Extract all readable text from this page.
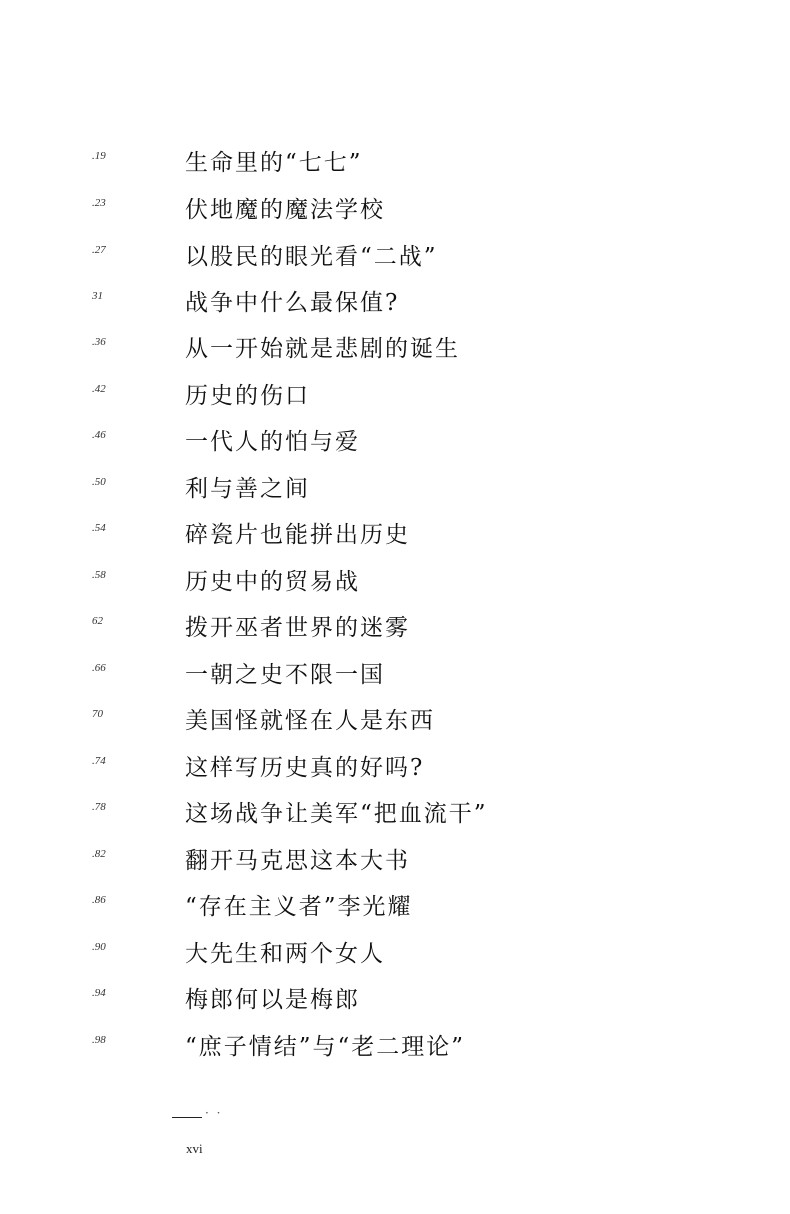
.19	生命里的“七七”
.23	伏地魔的魔法学校
.27	以股民的眼光看“二战”
31	战争中什么最保值?
.36	从一开始就是悲剧的诞生
.42	历史的伤口
.46	一代人的怕与爱
.50	利与善之间
.54	碎瓷片也能拼出历史
.58	历史中的贸易战
62	拨开巫者世界的迷雾
.66	一朝之史不限一国
70	美国怪就怪在人是东西
.74	这样写历史真的好吗?
.78	这场战争让美军“把血流干”
.82	翻开马克思这本大书
.86	“存在主义者”李光耀
.90	大先生和两个女人
.94	梅郎何以是梅郎
.98	“庶子情结”与“老二理论”
· ·
xvi
